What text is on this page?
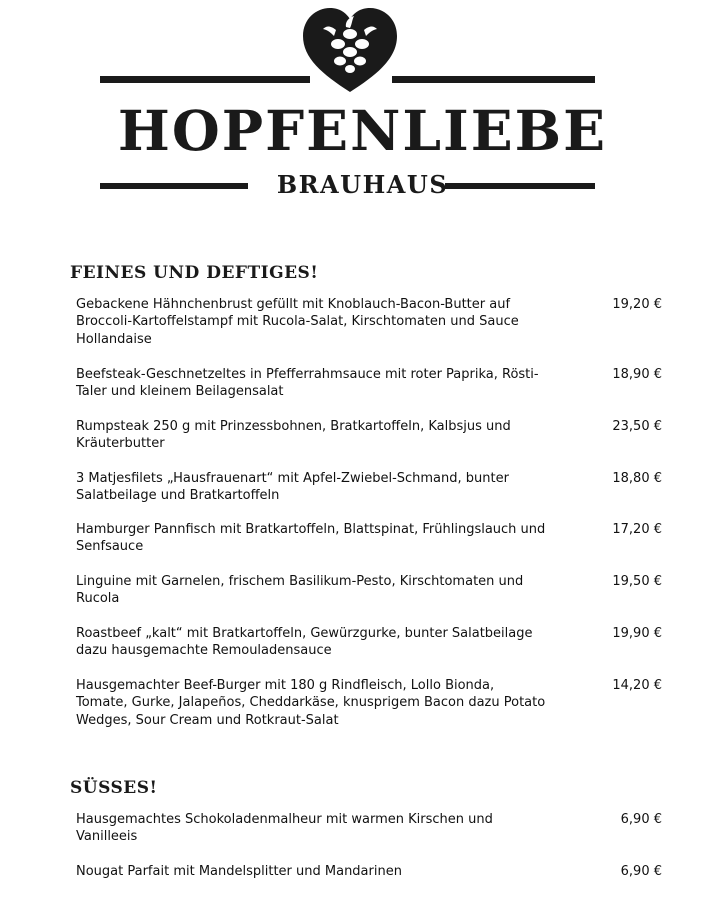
HOPFENLIEBE
BRAUHAUS
FEINES UND DEFTIGES!
Gebackene Hähnchenbrust gefüllt mit Knoblauch-Bacon-Butter auf Broccoli-Kartoffelstampf mit Rucola-Salat, Kirschtomaten und Sauce Hollandaise
19,20 €
Beefsteak-Geschnetzeltes in Pfefferrahmsauce mit roter Paprika, Rösti-Taler und kleinem Beilagensalat
18,90 €
Rumpsteak 250 g mit Prinzessbohnen, Bratkartoffeln, Kalbsjus und Kräuterbutter
23,50 €
3 Matjesfilets „Hausfrauenart“ mit Apfel-Zwiebel-Schmand, bunter Salatbeilage und Bratkartoffeln
18,80 €
Hamburger Pannfisch mit Bratkartoffeln, Blattspinat, Frühlingslauch und Senfsauce
17,20 €
Linguine mit Garnelen, frischem Basilikum-Pesto, Kirschtomaten und Rucola
19,50 €
Roastbeef „kalt“ mit Bratkartoffeln, Gewürzgurke, bunter Salatbeilage dazu hausgemachte Remouladensauce
19,90 €
Hausgemachter Beef-Burger mit 180 g Rindfleisch, Lollo Bionda, Tomate, Gurke, Jalapeños, Cheddarkäse, knusprigem Bacon dazu Potato Wedges, Sour Cream und Rotkraut-Salat
14,20 €
SÜSSES!
Hausgemachtes Schokoladenmalheur mit warmen Kirschen und Vanilleeis
6,90 €
Nougat Parfait mit Mandelsplitter und Mandarinen	6,90 €
